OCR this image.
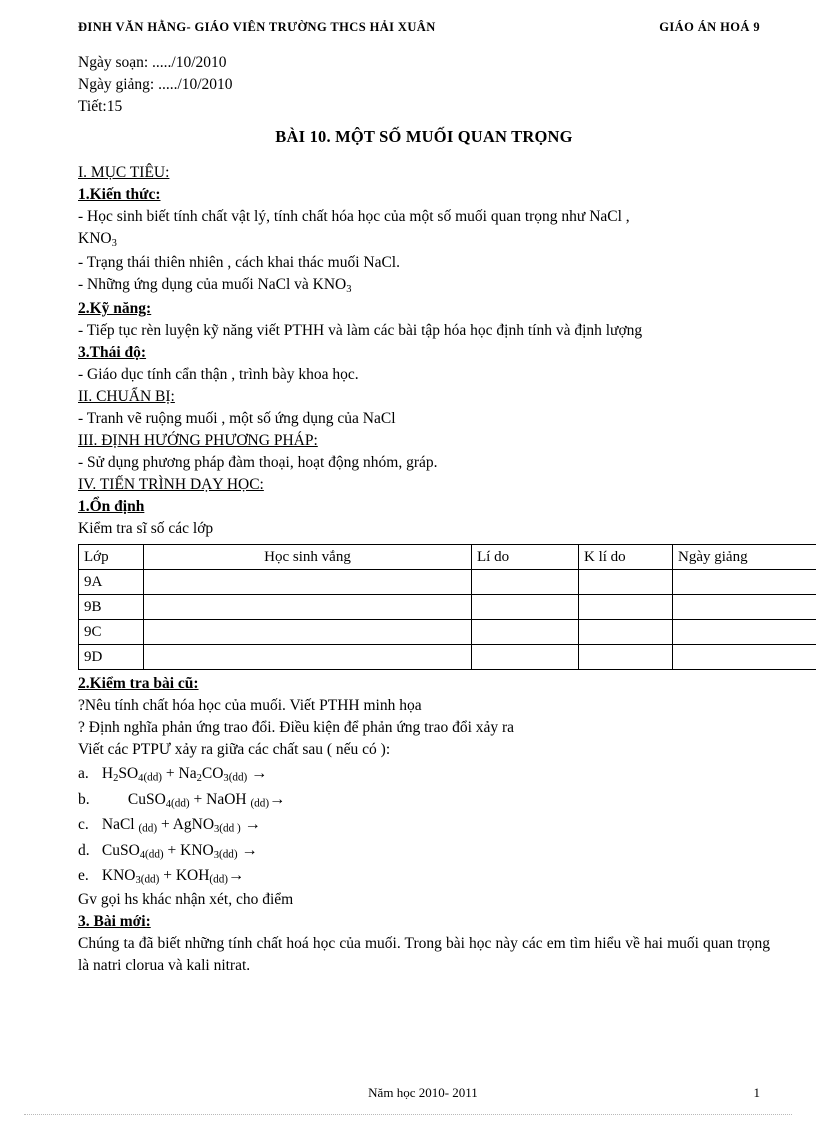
ĐINH VĂN HẰNG- GIÁO VIÊN TRƯỜNG THCS HẢI XUÂN	GIÁO ÁN HOÁ 9
Ngày soạn: ...../10/2010
Ngày giảng: ...../10/2010
Tiết:15
BÀI 10. MỘT SỐ MUỐI QUAN TRỌNG
I. MỤC TIÊU:
1.Kiến thức:
- Học sinh biết tính chất vật lý, tính chất hóa học của một số muối quan trọng như NaCl ,
$KNO_3$
- Trạng thái thiên nhiên , cách khai thác muối NaCl.
- Những ứng dụng của muối NaCl và $KNO_3$
2.Kỹ năng:
- Tiếp tục rèn luyện kỹ năng viết PTHH và làm các bài tập hóa học định tính và định lượng
3.Thái độ:
- Giáo dục tính cẩn thận , trình bày khoa học.
II. CHUẨN BỊ:
- Tranh vẽ ruộng muối , một số ứng dụng của NaCl
III. ĐỊNH HƯỚNG PHƯƠNG PHÁP:
- Sử dụng phương pháp đàm thoại, hoạt động nhóm, gráp.
IV. TIẾN TRÌNH DẠY HỌC:
1.Ổn định
Kiểm tra sĩ số các lớp
Lớp	Học sinh vắng	Lí do	K lí do	Ngày giảng
9A				
9B				
9C				
9D				
2.Kiểm tra bài cũ:
?Nêu tính chất hóa học của muối. Viết PTHH minh họa
? Định nghĩa phản ứng trao đổi. Điều kiện để phản ứng trao đổi xảy ra
Viết các PTPƯ xảy ra giữa các chất sau ( nếu có ):
a. $H_2SO_4(dd) + Na_2CO_3(dd)$ →
b. CuSO$_4$(dd) + NaOH (dd)→
c. NaCl (dd) + AgNO$_3$(dd ) →
d. CuSO$_4$(dd) + $KNO_3(dd)$ →
e. $KNO_3(dd) + KOH(dd)\to$
Gv gọi hs khác nhận xét, cho điểm
3. Bài mới:
Chúng ta đã biết những tính chất hoá học của muối. Trong bài học này các em tìm hiểu về hai muối quan trọng là natri clorua và kali nitrat.
Năm học 2010- 2011	1
